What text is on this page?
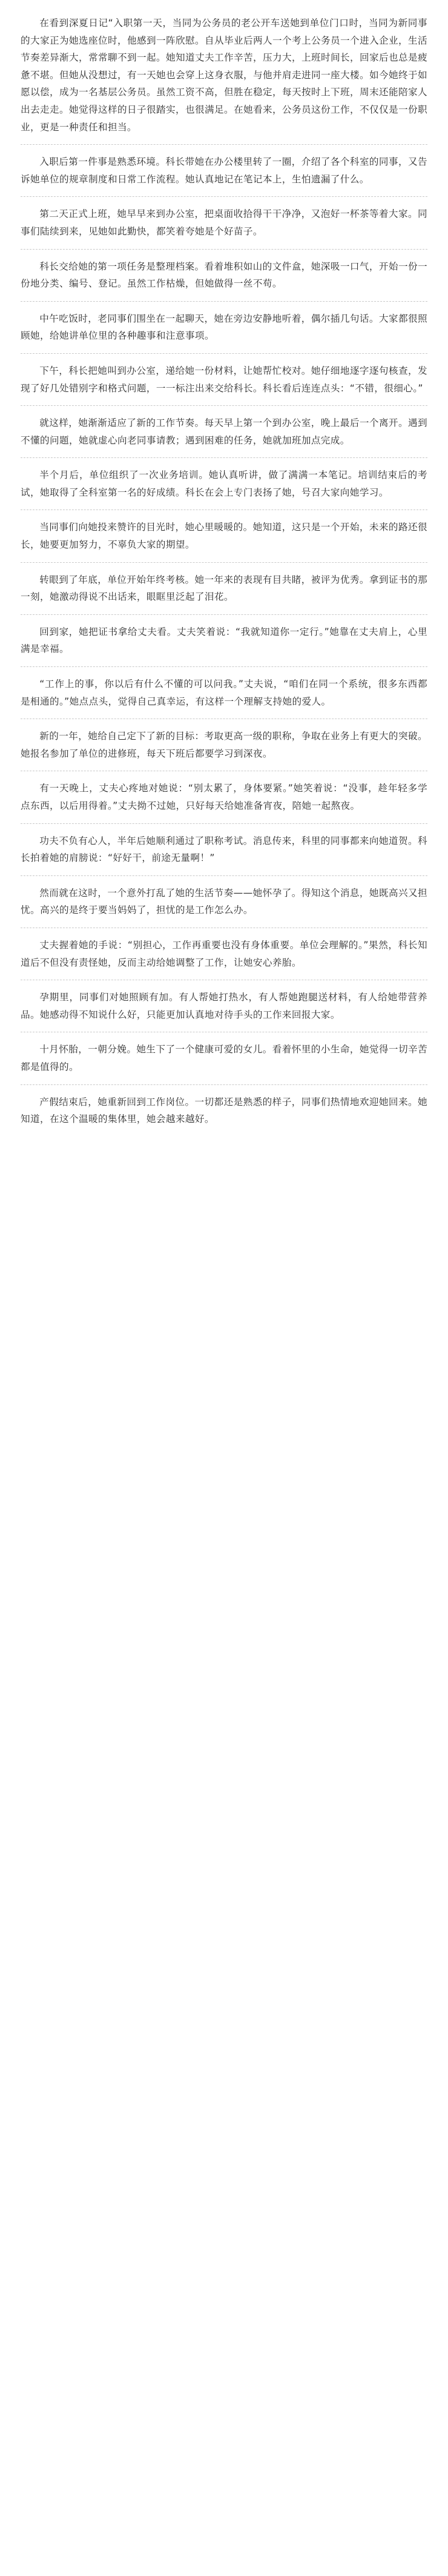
在看到深夏日记“入职第一天，当同为公务员的老公开车送她到单位门口时，当同为新同事的大家正为她选座位时，他感到一阵欣慰。自从毕业后两人一个考上公务员一个进入企业，生活节奏差异渐大，常常聊不到一起。她知道丈夫工作辛苦，压力大，上班时间长，回家后也总是疲惫不堪。但她从没想过，有一天她也会穿上这身衣服，与他并肩走进同一座大楼。如今她终于如愿以偿，成为一名基层公务员。虽然工资不高，但胜在稳定，每天按时上下班，周末还能陪家人出去走走。她觉得这样的日子很踏实，也很满足。在她看来，公务员这份工作，不仅仅是一份职业，更是一种责任和担当。

入职后第一件事是熟悉环境。科长带她在办公楼里转了一圈，介绍了各个科室的同事，又告诉她单位的规章制度和日常工作流程。她认真地记在笔记本上，生怕遗漏了什么。

第二天正式上班，她早早来到办公室，把桌面收拾得干干净净，又泡好一杯茶等着大家。同事们陆续到来，见她如此勤快，都笑着夸她是个好苗子。

科长交给她的第一项任务是整理档案。看着堆积如山的文件盒，她深吸一口气，开始一份一份地分类、编号、登记。虽然工作枯燥，但她做得一丝不苟。

中午吃饭时，老同事们围坐在一起聊天，她在旁边安静地听着，偶尔插几句话。大家都很照顾她，给她讲单位里的各种趣事和注意事项。

下午，科长把她叫到办公室，递给她一份材料，让她帮忙校对。她仔细地逐字逐句核查，发现了好几处错别字和格式问题，一一标注出来交给科长。科长看后连连点头：“不错，很细心。”

就这样，她渐渐适应了新的工作节奏。每天早上第一个到办公室，晚上最后一个离开。遇到不懂的问题，她就虚心向老同事请教；遇到困难的任务，她就加班加点完成。

半个月后，单位组织了一次业务培训。她认真听讲，做了满满一本笔记。培训结束后的考试，她取得了全科室第一名的好成绩。科长在会上专门表扬了她，号召大家向她学习。

当同事们向她投来赞许的目光时，她心里暖暖的。她知道，这只是一个开始，未来的路还很长，她要更加努力，不辜负大家的期望。

转眼到了年底，单位开始年终考核。她一年来的表现有目共睹，被评为优秀。拿到证书的那一刻，她激动得说不出话来，眼眶里泛起了泪花。

回到家，她把证书拿给丈夫看。丈夫笑着说：“我就知道你一定行。”她靠在丈夫肩上，心里满是幸福。

“工作上的事，你以后有什么不懂的可以问我。”丈夫说，“咱们在同一个系统，很多东西都是相通的。”她点点头，觉得自己真幸运，有这样一个理解支持她的爱人。

新的一年，她给自己定下了新的目标：考取更高一级的职称，争取在业务上有更大的突破。她报名参加了单位的进修班，每天下班后都要学习到深夜。

有一天晚上，丈夫心疼地对她说：“别太累了，身体要紧。”她笑着说：“没事，趁年轻多学点东西，以后用得着。”丈夫拗不过她，只好每天给她准备宵夜，陪她一起熬夜。

功夫不负有心人，半年后她顺利通过了职称考试。消息传来，科里的同事都来向她道贺。科长拍着她的肩膀说：“好好干，前途无量啊！”

然而就在这时，一个意外打乱了她的生活节奏——她怀孕了。得知这个消息，她既高兴又担忧。高兴的是终于要当妈妈了，担忧的是工作怎么办。

丈夫握着她的手说：“别担心，工作再重要也没有身体重要。单位会理解的。”果然，科长知道后不但没有责怪她，反而主动给她调整了工作，让她安心养胎。

孕期里，同事们对她照顾有加。有人帮她打热水，有人帮她跑腿送材料，有人给她带营养品。她感动得不知说什么好，只能更加认真地对待手头的工作来回报大家。

十月怀胎，一朝分娩。她生下了一个健康可爱的女儿。看着怀里的小生命，她觉得一切辛苦都是值得的。

产假结束后，她重新回到工作岗位。一切都还是熟悉的样子，同事们热情地欢迎她回来。她知道，在这个温暖的集体里，她会越来越好。
